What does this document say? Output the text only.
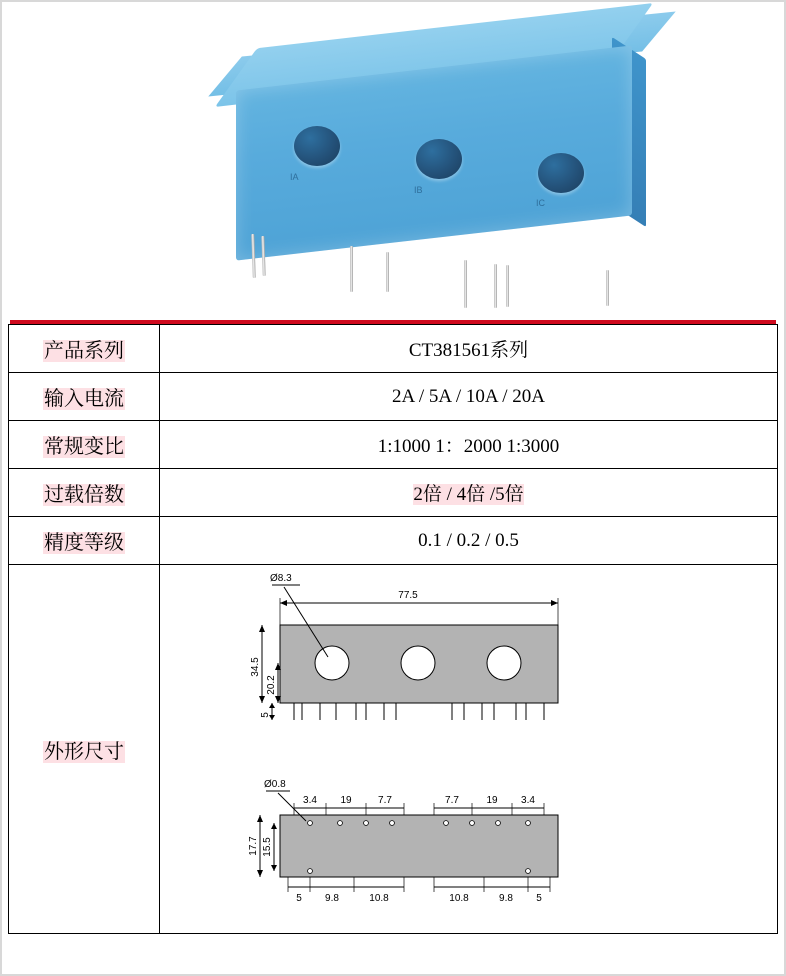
IA
IB
IC
产品系列	CT381561系列
输入电流	2A / 5A / 10A / 20A
常规变比	1:1000 1：2000 1:3000
过载倍数	2倍 / 4倍 /5倍
精度等级	0.1 / 0.2 / 0.5
外形尺寸	
Ø8.3
77.5
34.5
20.2
5
Ø0.8
3.4 19	7.7	7.7	19 3.4
17.7 15.5
5 9.8	10.8	10.8	9.8 5
